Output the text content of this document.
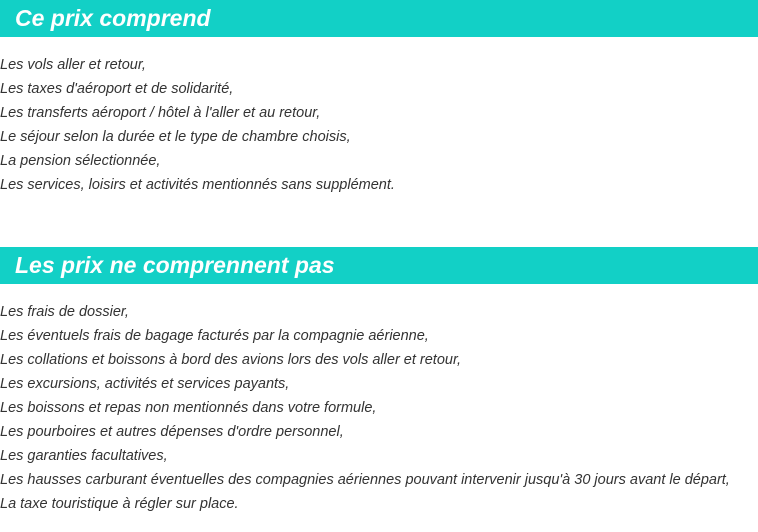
Ce prix comprend
Les vols aller et retour,
Les taxes d'aéroport et de solidarité,
Les transferts aéroport / hôtel à l'aller et au retour,
Le séjour selon la durée et le type de chambre choisis,
La pension sélectionnée,
Les services, loisirs et activités mentionnés sans supplément.
Les prix ne comprennent pas
Les frais de dossier,
Les éventuels frais de bagage facturés par la compagnie aérienne,
Les collations et boissons à bord des avions lors des vols aller et retour,
Les excursions, activités et services payants,
Les boissons et repas non mentionnés dans votre formule,
Les pourboires et autres dépenses d'ordre personnel,
Les garanties facultatives,
Les hausses carburant éventuelles des compagnies aériennes pouvant intervenir jusqu'à 30 jours avant le départ,
La taxe touristique à régler sur place.
